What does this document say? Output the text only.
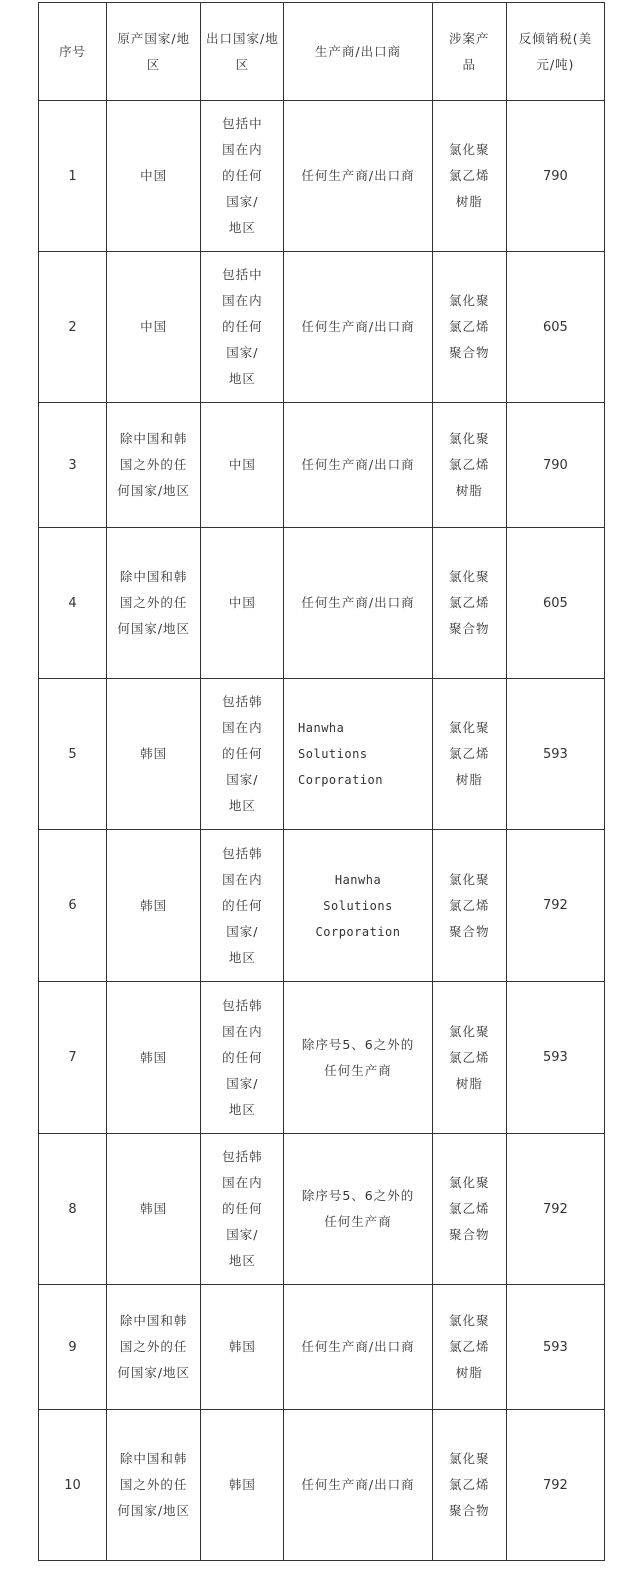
序号	原产国家/地区	出口国家/地区	生产商/出口商	涉案产品	反倾销税(美元/吨)
1	中国	包括中国在内的任何国家/地区	任何生产商/出口商	氯化聚氯乙烯树脂	790
2	中国	包括中国在内的任何国家/地区	任何生产商/出口商	氯化聚氯乙烯聚合物	605
3	除中国和韩国之外的任何国家/地区	中国	任何生产商/出口商	氯化聚氯乙烯树脂	790
4	除中国和韩国之外的任何国家/地区	中国	任何生产商/出口商	氯化聚氯乙烯聚合物	605
5	韩国	包括韩国在内的任何国家/地区	Hanwha Solutions Corporation	氯化聚氯乙烯树脂	593
6	韩国	包括韩国在内的任何国家/地区	Hanwha Solutions Corporation	氯化聚氯乙烯聚合物	792
7	韩国	包括韩国在内的任何国家/地区	除序号5、6之外的任何生产商	氯化聚氯乙烯树脂	593
8	韩国	包括韩国在内的任何国家/地区	除序号5、6之外的任何生产商	氯化聚氯乙烯聚合物	792
9	除中国和韩国之外的任何国家/地区	韩国	任何生产商/出口商	氯化聚氯乙烯树脂	593
10	除中国和韩国之外的任何国家/地区	韩国	任何生产商/出口商	氯化聚氯乙烯聚合物	792
